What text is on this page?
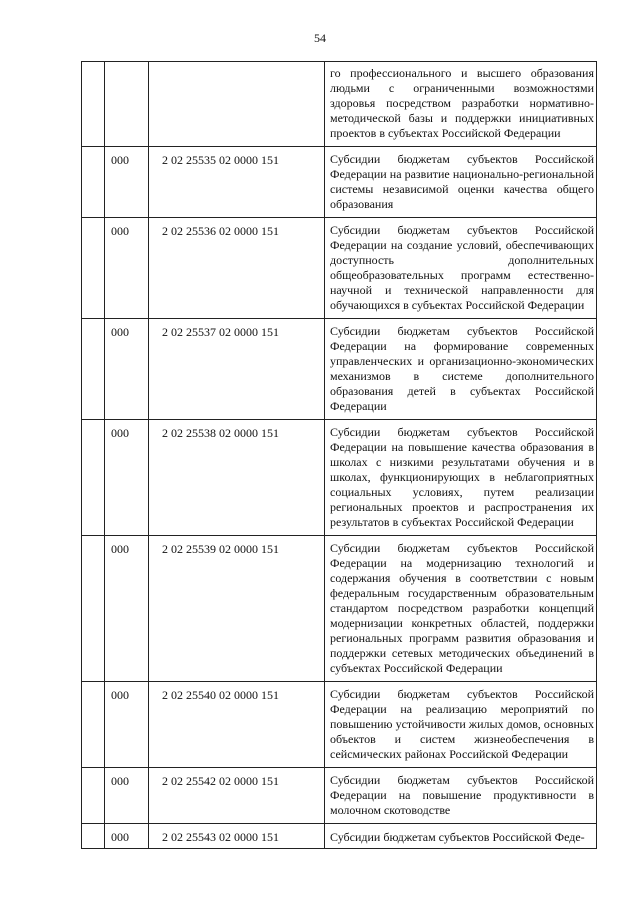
54
			го профессионального и высшего образования людьми с ограниченными возможностями здоровья посредством разработки нормативно-методической базы и поддержки инициативных проектов в субъектах Российской Федерации
	000	2 02 25535 02 0000 151	Субсидии бюджетам субъектов Российской Федерации на развитие национально-региональной системы независимой оценки качества общего образования
	000	2 02 25536 02 0000 151	Субсидии бюджетам субъектов Российской Федерации на создание условий, обеспечивающих доступность дополнительных общеобразовательных программ естественно-научной и технической направленности для обучающихся в субъектах Российской Федерации
	000	2 02 25537 02 0000 151	Субсидии бюджетам субъектов Российской Федерации на формирование современных управленческих и организационно-экономических механизмов в системе дополнительного образования детей в субъектах Российской Федерации
	000	2 02 25538 02 0000 151	Субсидии бюджетам субъектов Российской Федерации на повышение качества образования в школах с низкими результатами обучения и в школах, функционирующих в неблагоприятных социальных условиях, путем реализации региональных проектов и распространения их результатов в субъектах Российской Федерации
	000	2 02 25539 02 0000 151	Субсидии бюджетам субъектов Российской Федерации на модернизацию технологий и содержания обучения в соответствии с новым федеральным государственным образовательным стандартом посредством разработки концепций модернизации конкретных областей, поддержки региональных программ развития образования и поддержки сетевых методических объединений в субъектах Российской Федерации
	000	2 02 25540 02 0000 151	Субсидии бюджетам субъектов Российской Федерации на реализацию мероприятий по повышению устойчивости жилых домов, основных объектов и систем жизнеобеспечения в сейсмических районах Российской Федерации
	000	2 02 25542 02 0000 151	Субсидии бюджетам субъектов Российской Федерации на повышение продуктивности в молочном скотоводстве
	000	2 02 25543 02 0000 151	Субсидии бюджетам субъектов Российской Феде-
